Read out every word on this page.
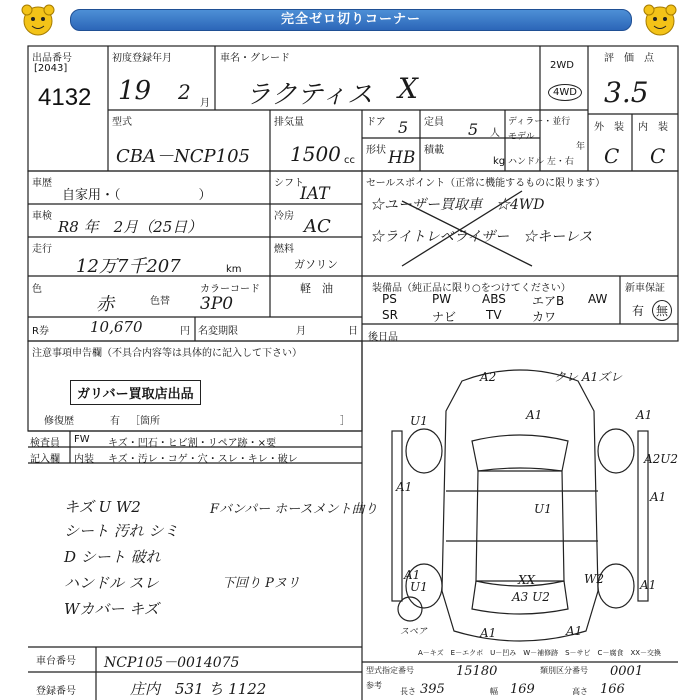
完全ゼロ切りコーナー
出品番号
[2043]
4132
初度登録年月
19 2 月
車名・グレード
ラクティス X
2WD
4WD
評　価　点
3.5
型式
CBA－NCP105
排気量
1500 cc
ドア 5 定員 5 人
形状 HB 積載
kg
ディラー・並行
モデル
年
ハンドル 左・右
外　装 内　装
C C
車歴
自家用・（　　　　　　）
シフト
IAT
車検
R8 年　2月（25日）
冷房 AC
走行
12万7千207	km
燃料
ガソリン
軽　油
色
赤	色替
カラーコード
3P0
R券	10,670	円 名変期限	月	日
セールスポイント（正常に機能するものに限ります）
☆ユーザー買取車　☆4WD
☆ライトレベライザー　☆キーレス
装備品（純正品に限り○をつけてください）	新車保証
PS	PW	ABS エアB AW
SR	ナビ TV	カワ	有 無
後日品
注意事項申告欄（不具合内容等は具体的に記入して下さい）
ガリバー買取店出品
修復歴	有 ［箇所	］
検査員
記入欄
FW キズ・凹石・ヒビ割・リペア跡・×要
内装 キズ・汚レ・コゲ・穴・スレ・キレ・破レ
キズ U W2
シート 汚れ シミ
D シート 破れ
ハンドル スレ
Wカバー キズ
Fバンパー ホースメント曲り
下回り Pヌリ
A2	クレ A1ズレ
A1	A1
A2U2
A1
U1
A1
U1
U1	XX
A3 U2
W2	A1
A1	A1
A1
スペア
車台番号 NCP105－0014075
登録番号	庄内　531 ち 1122
A－キズ　E－エクボ　U－凹み　W－補修跡　S－サビ　C－腐食　XX－交換
型式指定番号	15180	類別区分番号 0001
参考
長さ 395	幅 169	高さ 166
